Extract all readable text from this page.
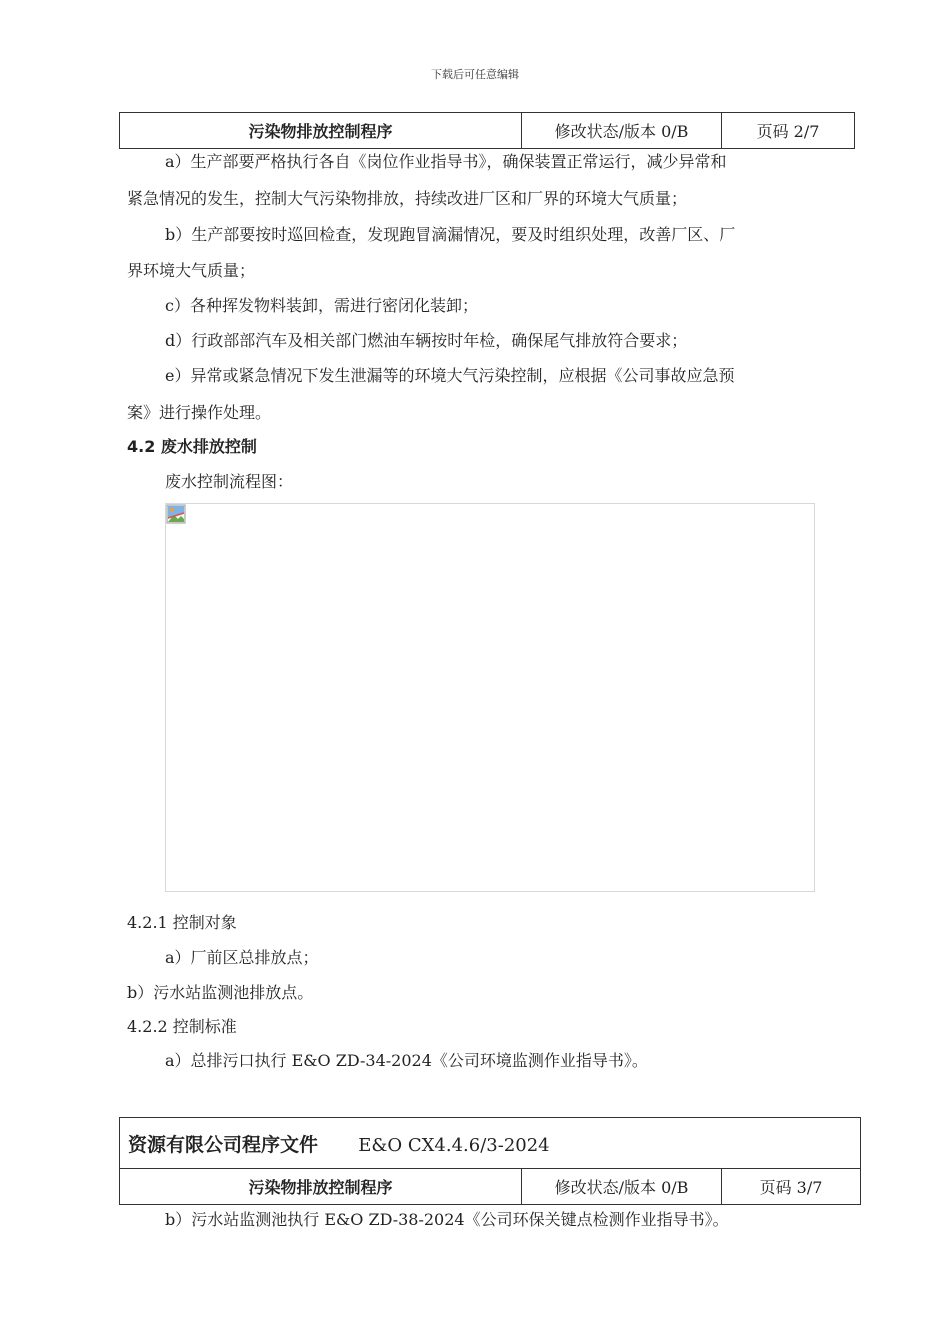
下载后可任意编辑
污染物排放控制程序	修改状态/版本 0/B	页码 2/7
a）生产部要严格执行各自《岗位作业指导书》，确保装置正常运行，减少异常和
紧急情况的发生，控制大气污染物排放，持续改进厂区和厂界的环境大气质量；
b）生产部要按时巡回检查，发现跑冒滴漏情况，要及时组织处理，改善厂区、厂
界环境大气质量；
c）各种挥发物料装卸，需进行密闭化装卸；
d）行政部部汽车及相关部门燃油车辆按时年检，确保尾气排放符合要求；
e）异常或紧急情况下发生泄漏等的环境大气污染控制，应根据《公司事故应急预
案》进行操作处理。
4.2 废水排放控制
废水控制流程图：
4.2.1 控制对象
a）厂前区总排放点；
b）污水站监测池排放点。
4.2.2 控制标准
a）总排污口执行 E&O ZD-34-2024《公司环境监测作业指导书》。
资源有限公司程序文件 E&O CX4.4.6/3-2024
污染物排放控制程序	修改状态/版本 0/B	页码 3/7
b）污水站监测池执行 E&O ZD-38-2024《公司环保关键点检测作业指导书》。
